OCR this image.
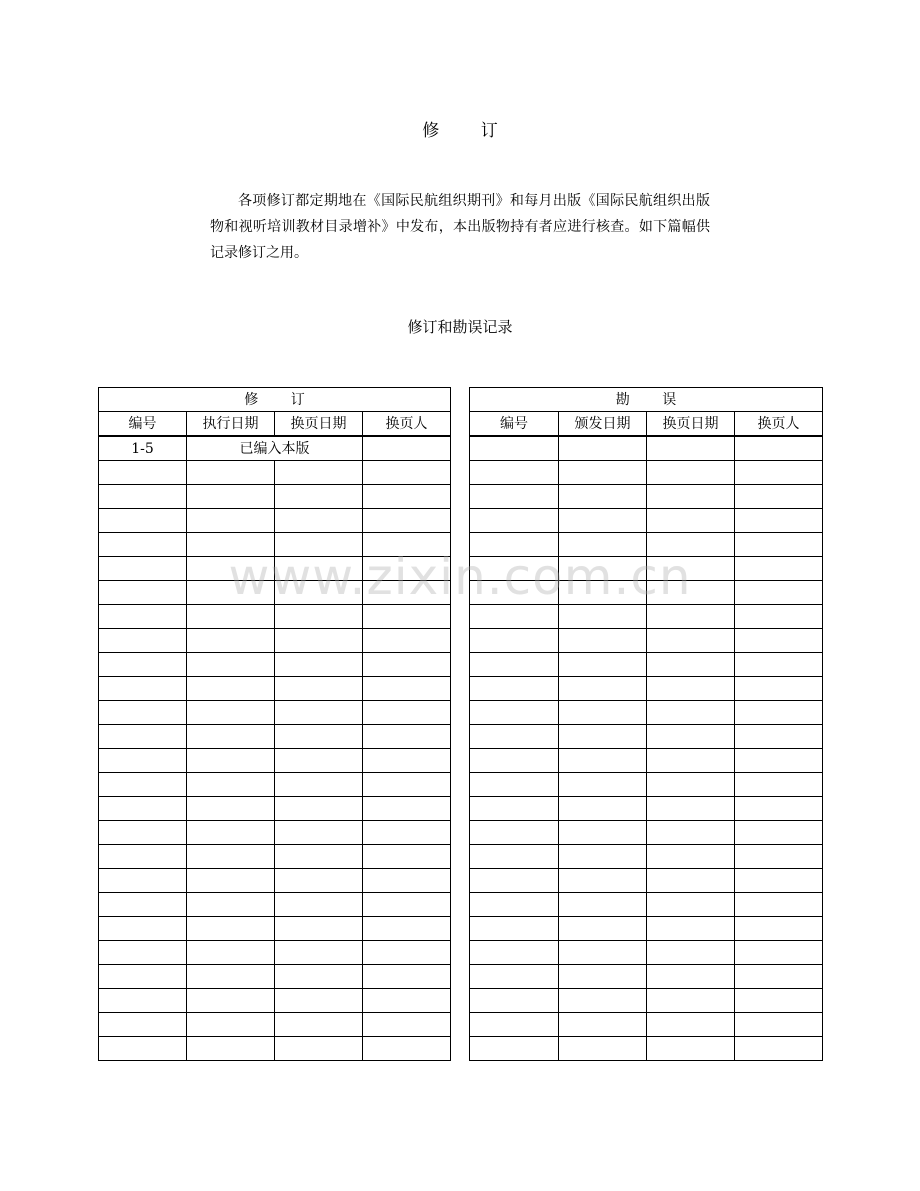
修 订

各项修订都定期地在《国际民航组织期刊》和每月出版《国际民航组织出版物和视听培训教材目录增补》中发布，本出版物持有者应进行核查。如下篇幅供记录修订之用。

修订和勘误记录
修 订			
编号	执行日期	换页日期	换页人
1-5	已编入本版		

勘 误			
编号	颁发日期	换页日期	换页人

www.zixin.com.cn
